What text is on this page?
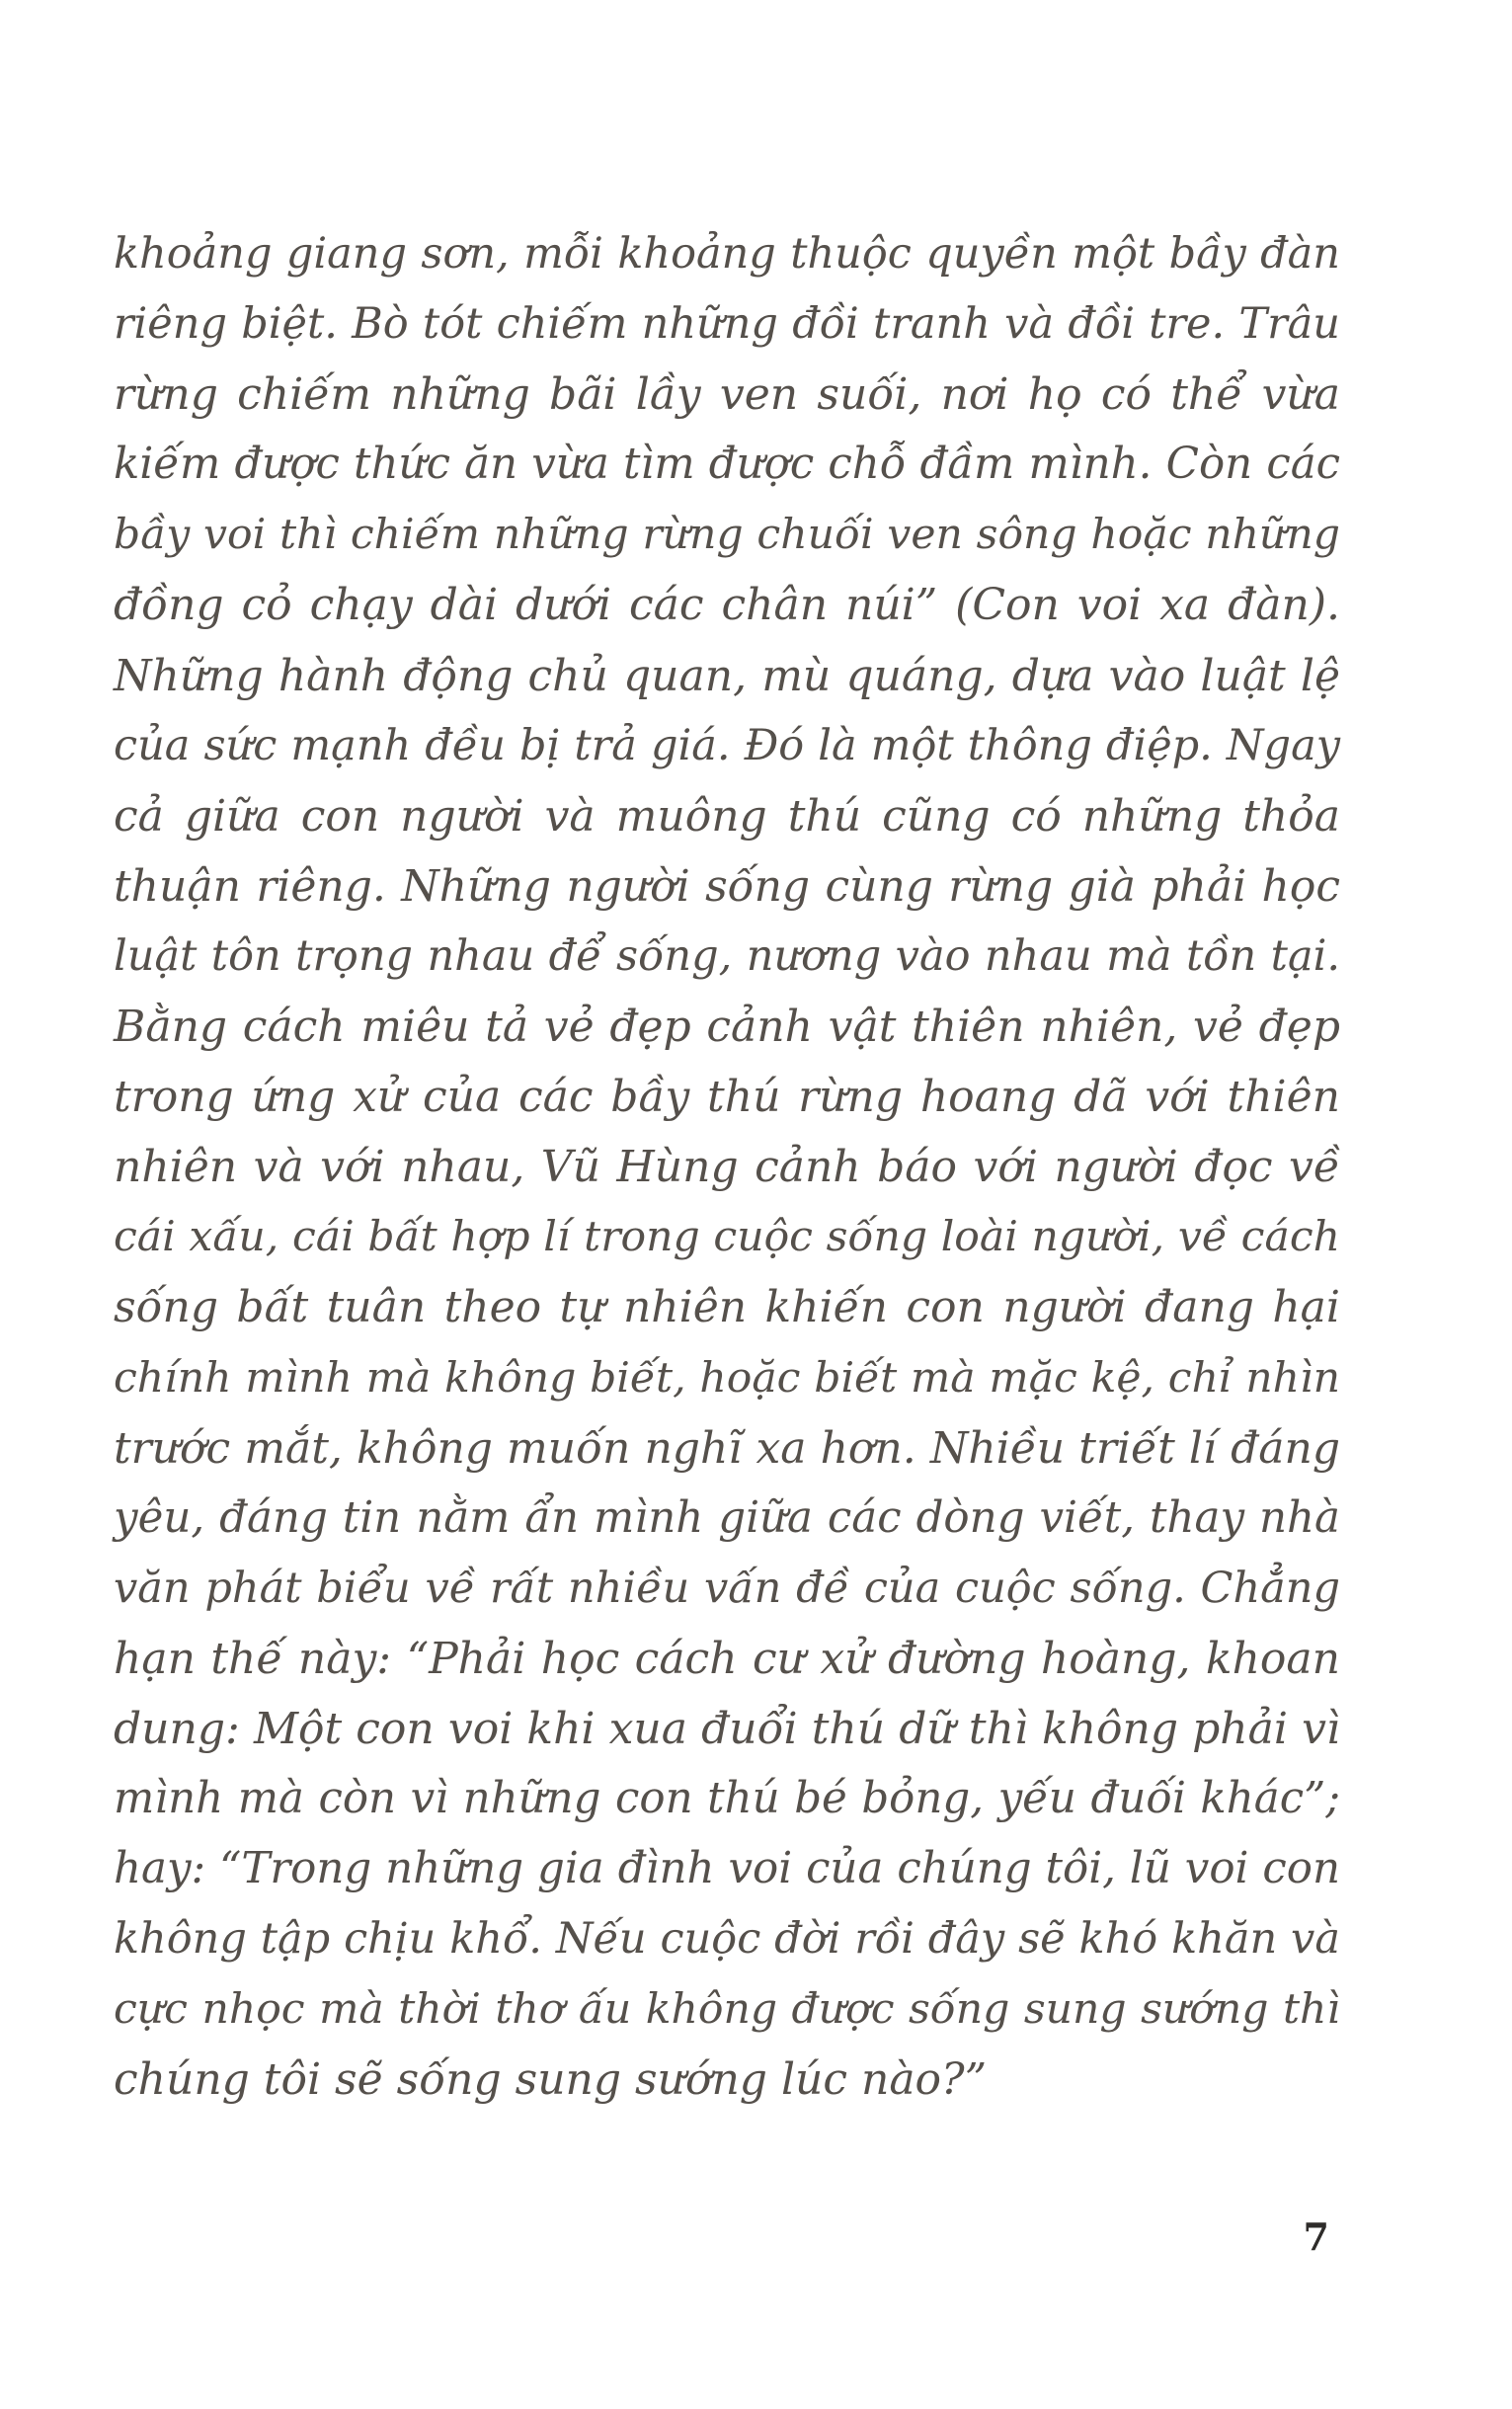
khoảng giang sơn, mỗi khoảng thuộc quyền một bầy đàn
riêng biệt. Bò tót chiếm những đồi tranh và đồi tre. Trâu
rừng chiếm những bãi lầy ven suối, nơi họ có thể vừa
kiếm được thức ăn vừa tìm được chỗ đầm mình. Còn các
bầy voi thì chiếm những rừng chuối ven sông hoặc những
đồng cỏ chạy dài dưới các chân núi” (Con voi xa đàn).
Những hành động chủ quan, mù quáng, dựa vào luật lệ
của sức mạnh đều bị trả giá. Đó là một thông điệp. Ngay
cả giữa con người và muông thú cũng có những thỏa
thuận riêng. Những người sống cùng rừng già phải học
luật tôn trọng nhau để sống, nương vào nhau mà tồn tại.
Bằng cách miêu tả vẻ đẹp cảnh vật thiên nhiên, vẻ đẹp
trong ứng xử của các bầy thú rừng hoang dã với thiên
nhiên và với nhau, Vũ Hùng cảnh báo với người đọc về
cái xấu, cái bất hợp lí trong cuộc sống loài người, về cách
sống bất tuân theo tự nhiên khiến con người đang hại
chính mình mà không biết, hoặc biết mà mặc kệ, chỉ nhìn
trước mắt, không muốn nghĩ xa hơn. Nhiều triết lí đáng
yêu, đáng tin nằm ẩn mình giữa các dòng viết, thay nhà
văn phát biểu về rất nhiều vấn đề của cuộc sống. Chẳng
hạn thế này: “Phải học cách cư xử đường hoàng, khoan
dung: Một con voi khi xua đuổi thú dữ thì không phải vì
mình mà còn vì những con thú bé bỏng, yếu đuối khác”;
hay: “Trong những gia đình voi của chúng tôi, lũ voi con
không tập chịu khổ. Nếu cuộc đời rồi đây sẽ khó khăn và
cực nhọc mà thời thơ ấu không được sống sung sướng thì
chúng tôi sẽ sống sung sướng lúc nào?”
7
